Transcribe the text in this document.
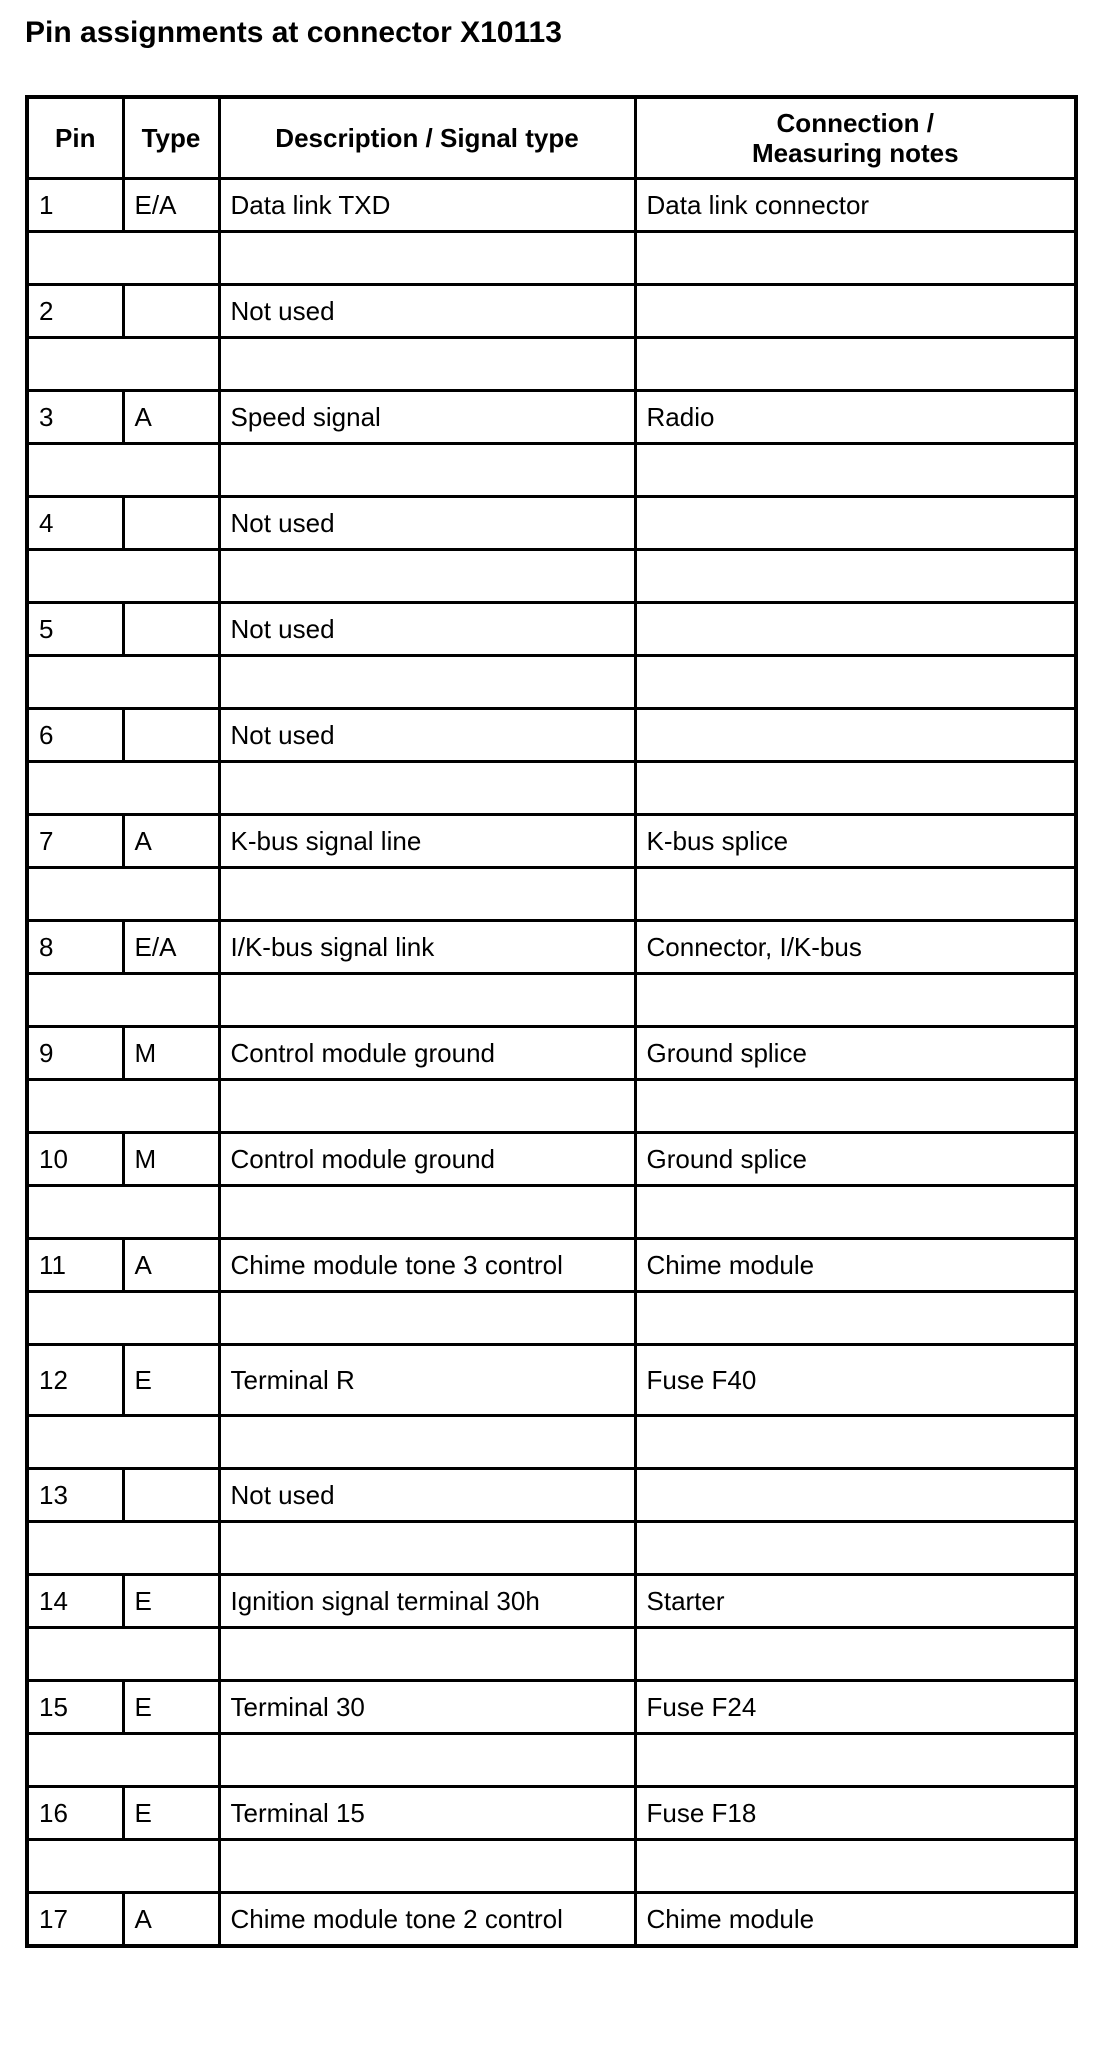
Pin assignments at connector X10113
Pin	Type	Description / Signal type	Connection /
Measuring notes
1	E/A	Data link TXD	Data link connector

2		Not used	

3	A	Speed signal	Radio

4		Not used	

5		Not used	

6		Not used	

7	A	K-bus signal line	K-bus splice

8	E/A	I/K-bus signal link	Connector, I/K-bus

9	M	Control module ground	Ground splice

10	M	Control module ground	Ground splice

11	A	Chime module tone 3 control	Chime module

12	E	Terminal R	Fuse F40

13		Not used	

14	E	Ignition signal terminal 30h	Starter

15	E	Terminal 30	Fuse F24

16	E	Terminal 15	Fuse F18

17	A	Chime module tone 2 control	Chime module
